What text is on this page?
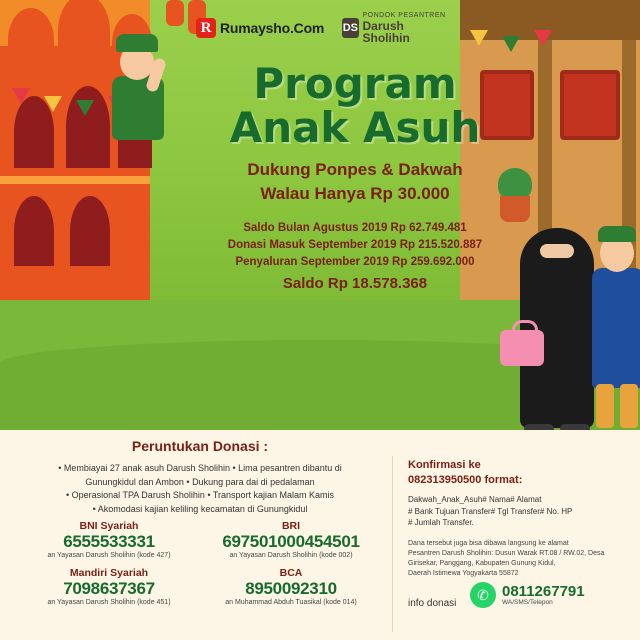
R Rumaysho.Com DS
PONDOK PESANTREN
Darush Sholihin
Program
Anak Asuh
Dukung Ponpes & Dakwah
Walau Hanya Rp 30.000
Saldo Bulan Agustus 2019 Rp 62.749.481
Donasi Masuk September 2019 Rp 215.520.887
Penyaluran September 2019 Rp 259.692.000
Saldo Rp 18.578.368
Peruntukan Donasi :
• Membiayai 27 anak asuh Darush Sholihin • Lima pesantren dibantu di
Gunungkidul dan Ambon • Dukung para dai di pedalaman
• Operasional TPA Darush Sholihin • Transport kajian Malam Kamis
• Akomodasi kajian keliling kecamatan di Gunungkidul
BNI Syariah
6555533331
an Yayasan Darush Sholihin (kode 427)
BRI
697501000454501
an Yayasan Darush Sholihin (kode 002)
Mandiri Syariah
7098637367
an Yayasan Darush Sholihin (kode 451)
BCA
8950092310
an Muhammad Abduh Tuasikal (kode 014)
Konfirmasi ke
082313950500 format:
Dakwah_Anak_Asuh# Nama# Alamat
# Bank Tujuan Transfer# Tgl Transfer# No. HP
# Jumlah Transfer.
Dana tersebut juga bisa dibawa langsung ke alamat
Pesantren Darush Sholihin: Dusun Warak RT.08 / RW.02, Desa
Girisekar, Panggang, Kabupaten Gunung Kidul,
Daerah Istimewa Yogyakarta 55872
info donasi
✆ 0811267791
WA/SMS/Telepon
